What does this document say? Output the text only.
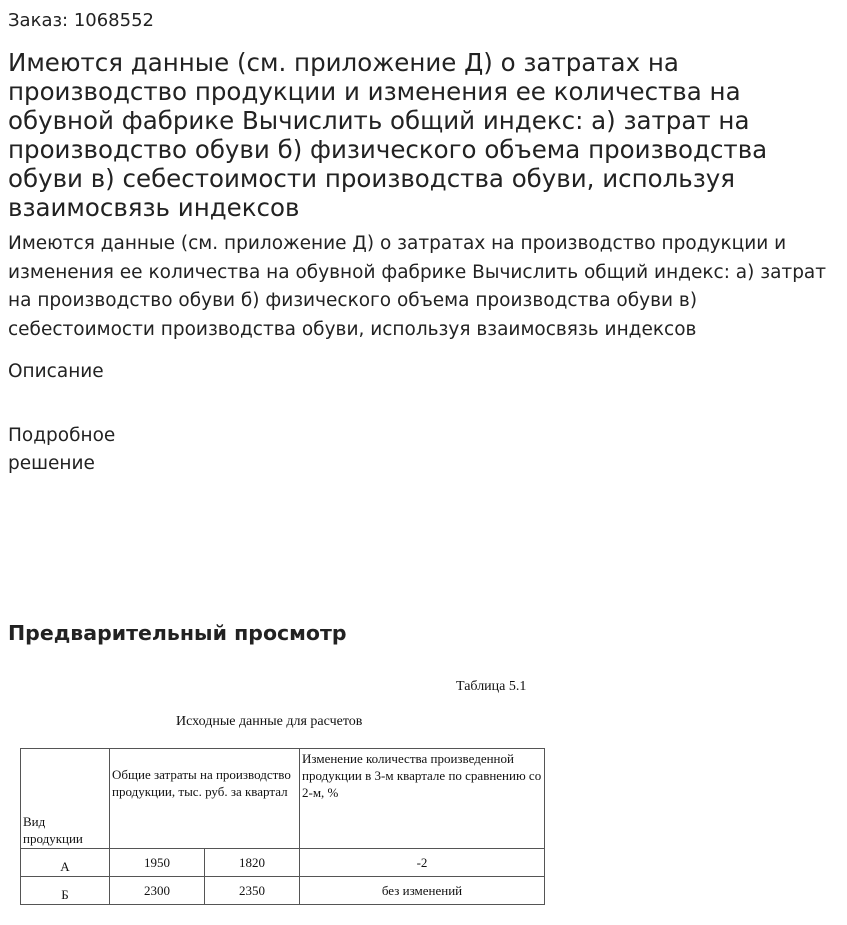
Заказ: 1068552
Имеются данные (см. приложение Д) о затратах на производство продукции и изменения ее количества на обувной фабрике Вычислить общий индекс: а) затрат на производство обуви б) физического объема производства обуви в) себестоимости производства обуви, используя взаимосвязь индексов
Имеются данные (см. приложение Д) о затратах на производство продукции и изменения ее количества на обувной фабрике Вычислить общий индекс: а) затрат на производство обуви б) физического объема производства обуви в) себестоимости производства обуви, используя взаимосвязь индексов
Описание
Подробное решение
Предварительный просмотр
Таблица 5.1
Исходные данные для расчетов
Вид продукции	Общие затраты на производство продукции, тыс. руб. за квартал		Изменение количества произведенной продукции в 3-м квартале по сравнению со 2-м, %
А	1950	1820	-2
Б	2300	2350	без изменений
